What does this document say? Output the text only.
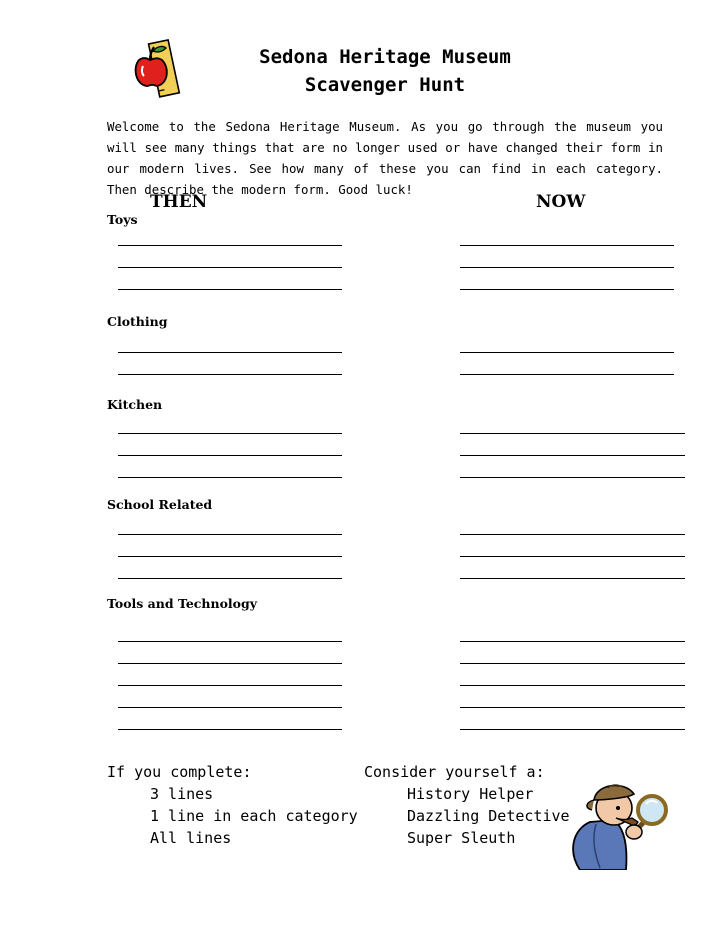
Sedona Heritage Museum
Scavenger Hunt
Welcome to the Sedona Heritage Museum. As you go through the museum you will see many things that are no longer used or have changed their form in our modern lives. See how many of these you can find in each category. Then describe the modern form. Good luck!
THEN	NOW
Toys
Clothing
Kitchen
School Related
Tools and Technology
If you complete:
3 lines
1 line in each category
All lines
Consider yourself a:
History Helper
Dazzling Detective
Super Sleuth
